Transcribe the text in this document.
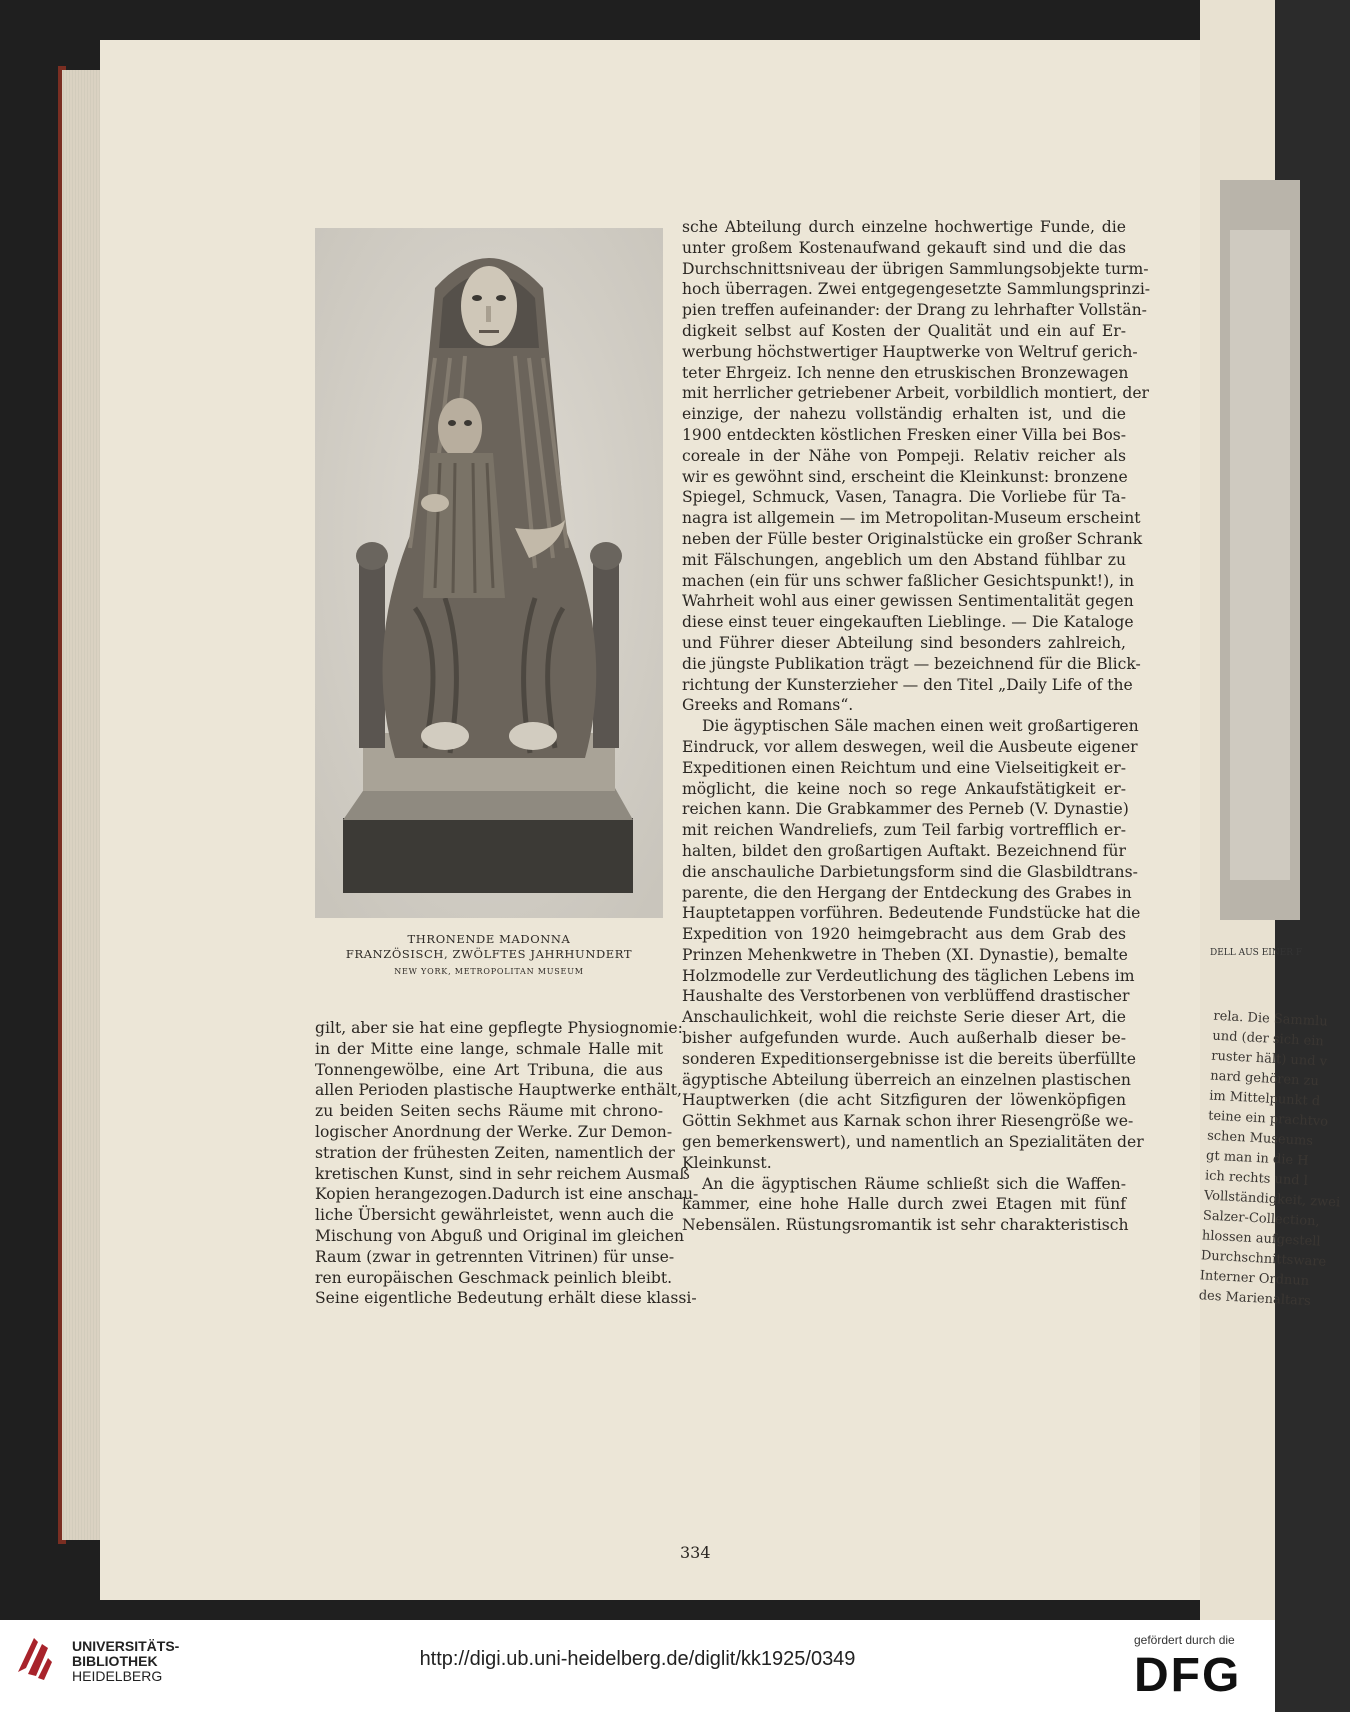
DELL AUS EINER F
rela. Die Sammlu
und (der sich ein
ruster hält) und v
nard gehören zu
im Mittelpunkt d
teine ein prachtvo
schen Museums
gt man in die H
ich rechts und l
Vollständigkeit, zwei
Salzer-Collection,
hlossen aufgestell
Durchschnittsware
Interner Ordnun
des Marienaltars
THRONENDE MADONNA
FRANZÖSISCH, ZWÖLFTES JAHRHUNDERT
NEW YORK, METROPOLITAN MUSEUM
gilt, aber sie hat eine gepflegte Physiognomie:
in der Mitte eine lange, schmale Halle mit
Tonnengewölbe, eine Art Tribuna, die aus
allen Perioden plastische Hauptwerke enthält,
zu beiden Seiten sechs Räume mit chrono-
logischer Anordnung der Werke. Zur Demon-
stration der frühesten Zeiten, namentlich der
kretischen Kunst, sind in sehr reichem Ausmaß
Kopien herangezogen.Dadurch ist eine anschau-
liche Übersicht gewährleistet, wenn auch die
Mischung von Abguß und Original im gleichen
Raum (zwar in getrennten Vitrinen) für unse-
ren europäischen Geschmack peinlich bleibt.
Seine eigentliche Bedeutung erhält diese klassi-
sche Abteilung durch einzelne hochwertige Funde, die
unter großem Kostenaufwand gekauft sind und die das
Durchschnittsniveau der übrigen Sammlungsobjekte turm-
hoch überragen. Zwei entgegengesetzte Sammlungsprinzi-
pien treffen aufeinander: der Drang zu lehrhafter Vollstän-
digkeit selbst auf Kosten der Qualität und ein auf Er-
werbung höchstwertiger Hauptwerke von Weltruf gerich-
teter Ehrgeiz. Ich nenne den etruskischen Bronzewagen
mit herrlicher getriebener Arbeit, vorbildlich montiert, der
einzige, der nahezu vollständig erhalten ist, und die
1900 entdeckten köstlichen Fresken einer Villa bei Bos-
coreale in der Nähe von Pompeji. Relativ reicher als
wir es gewöhnt sind, erscheint die Kleinkunst: bronzene
Spiegel, Schmuck, Vasen, Tanagra. Die Vorliebe für Ta-
nagra ist allgemein — im Metropolitan-Museum erscheint
neben der Fülle bester Originalstücke ein großer Schrank
mit Fälschungen, angeblich um den Abstand fühlbar zu
machen (ein für uns schwer faßlicher Gesichtspunkt!), in
Wahrheit wohl aus einer gewissen Sentimentalität gegen
diese einst teuer eingekauften Lieblinge. — Die Kataloge
und Führer dieser Abteilung sind besonders zahlreich,
die jüngste Publikation trägt — bezeichnend für die Blick-
richtung der Kunsterzieher — den Titel „Daily Life of the
Greeks and Romans“.
Die ägyptischen Säle machen einen weit großartigeren
Eindruck, vor allem deswegen, weil die Ausbeute eigener
Expeditionen einen Reichtum und eine Vielseitigkeit er-
möglicht, die keine noch so rege Ankaufstätigkeit er-
reichen kann. Die Grabkammer des Perneb (V. Dynastie)
mit reichen Wandreliefs, zum Teil farbig vortrefflich er-
halten, bildet den großartigen Auftakt. Bezeichnend für
die anschauliche Darbietungsform sind die Glasbildtrans-
parente, die den Hergang der Entdeckung des Grabes in
Hauptetappen vorführen. Bedeutende Fundstücke hat die
Expedition von 1920 heimgebracht aus dem Grab des
Prinzen Mehenkwetre in Theben (XI. Dynastie), bemalte
Holzmodelle zur Verdeutlichung des täglichen Lebens im
Haushalte des Verstorbenen von verblüffend drastischer
Anschaulichkeit, wohl die reichste Serie dieser Art, die
bisher aufgefunden wurde. Auch außerhalb dieser be-
sonderen Expeditionsergebnisse ist die bereits überfüllte
ägyptische Abteilung überreich an einzelnen plastischen
Hauptwerken (die acht Sitzfiguren der löwenköpfigen
Göttin Sekhmet aus Karnak schon ihrer Riesengröße we-
gen bemerkenswert), und namentlich an Spezialitäten der
Kleinkunst.
An die ägyptischen Räume schließt sich die Waffen-
kammer, eine hohe Halle durch zwei Etagen mit fünf
Nebensälen. Rüstungsromantik ist sehr charakteristisch
334
UNIVERSITÄTS-
BIBLIOTHEK
HEIDELBERG
http://digi.ub.uni-heidelberg.de/diglit/kk1925/0349
gefördert durch die
DFG
